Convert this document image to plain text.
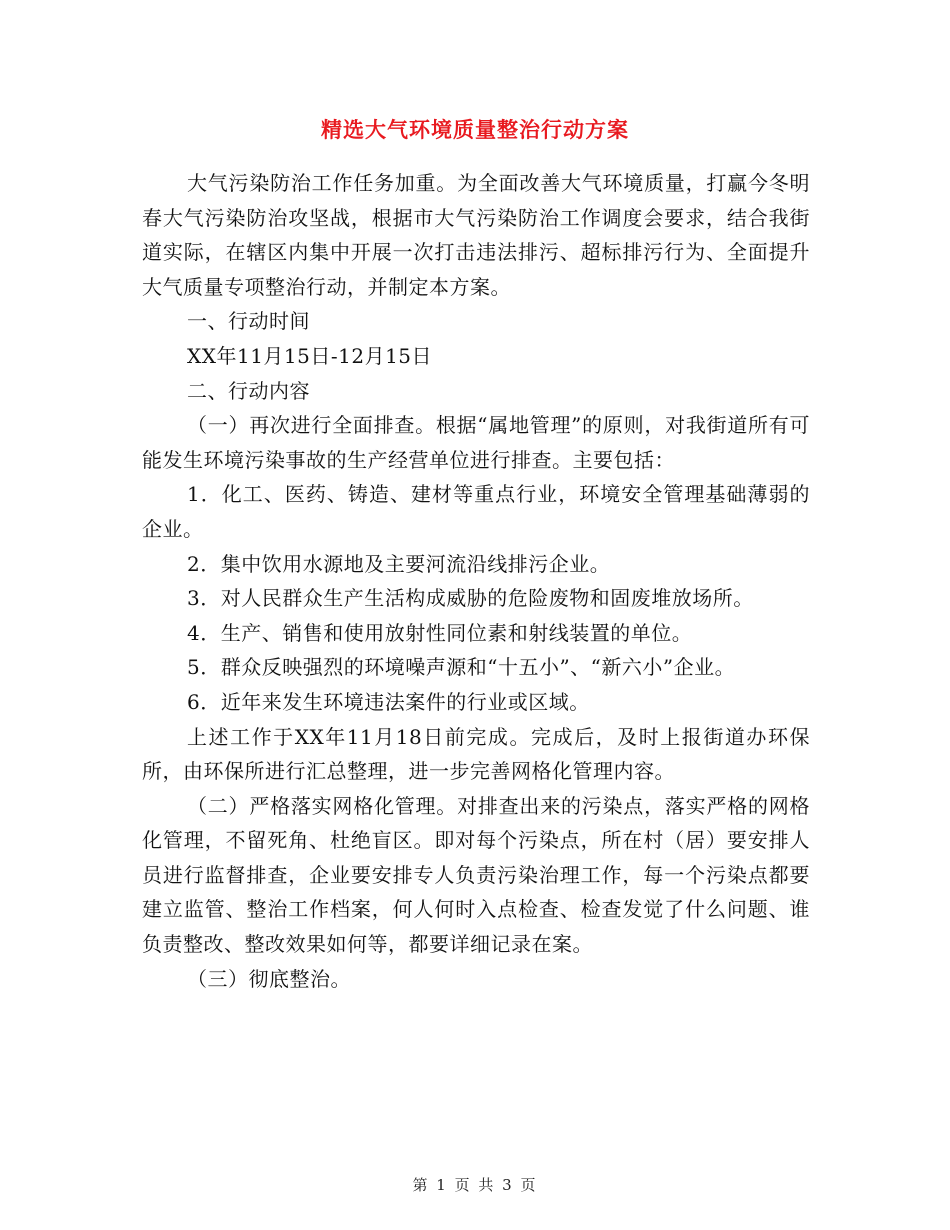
精选大气环境质量整治行动方案

大气污染防治工作任务加重。为全面改善大气环境质量，打赢今冬明春大气污染防治攻坚战，根据市大气污染防治工作调度会要求，结合我街道实际，在辖区内集中开展一次打击违法排污、超标排污行为、全面提升大气质量专项整治行动，并制定本方案。

一、行动时间

XX年11月15日-12月15日

二、行动内容

（一）再次进行全面排查。根据“属地管理”的原则，对我街道所有可能发生环境污染事故的生产经营单位进行排查。主要包括：

1．化工、医药、铸造、建材等重点行业，环境安全管理基础薄弱的企业。

2．集中饮用水源地及主要河流沿线排污企业。

3．对人民群众生产生活构成威胁的危险废物和固废堆放场所。

4．生产、销售和使用放射性同位素和射线装置的单位。

5．群众反映强烈的环境噪声源和“十五小”、“新六小”企业。

6．近年来发生环境违法案件的行业或区域。

上述工作于XX年11月18日前完成。完成后，及时上报街道办环保所，由环保所进行汇总整理，进一步完善网格化管理内容。

（二）严格落实网格化管理。对排查出来的污染点，落实严格的网格化管理，不留死角、杜绝盲区。即对每个污染点，所在村（居）要安排人员进行监督排查，企业要安排专人负责污染治理工作，每一个污染点都要建立监管、整治工作档案，何人何时入点检查、检查发觉了什么问题、谁负责整改、整改效果如何等，都要详细记录在案。

（三）彻底整治。

第 1 页 共 3 页
